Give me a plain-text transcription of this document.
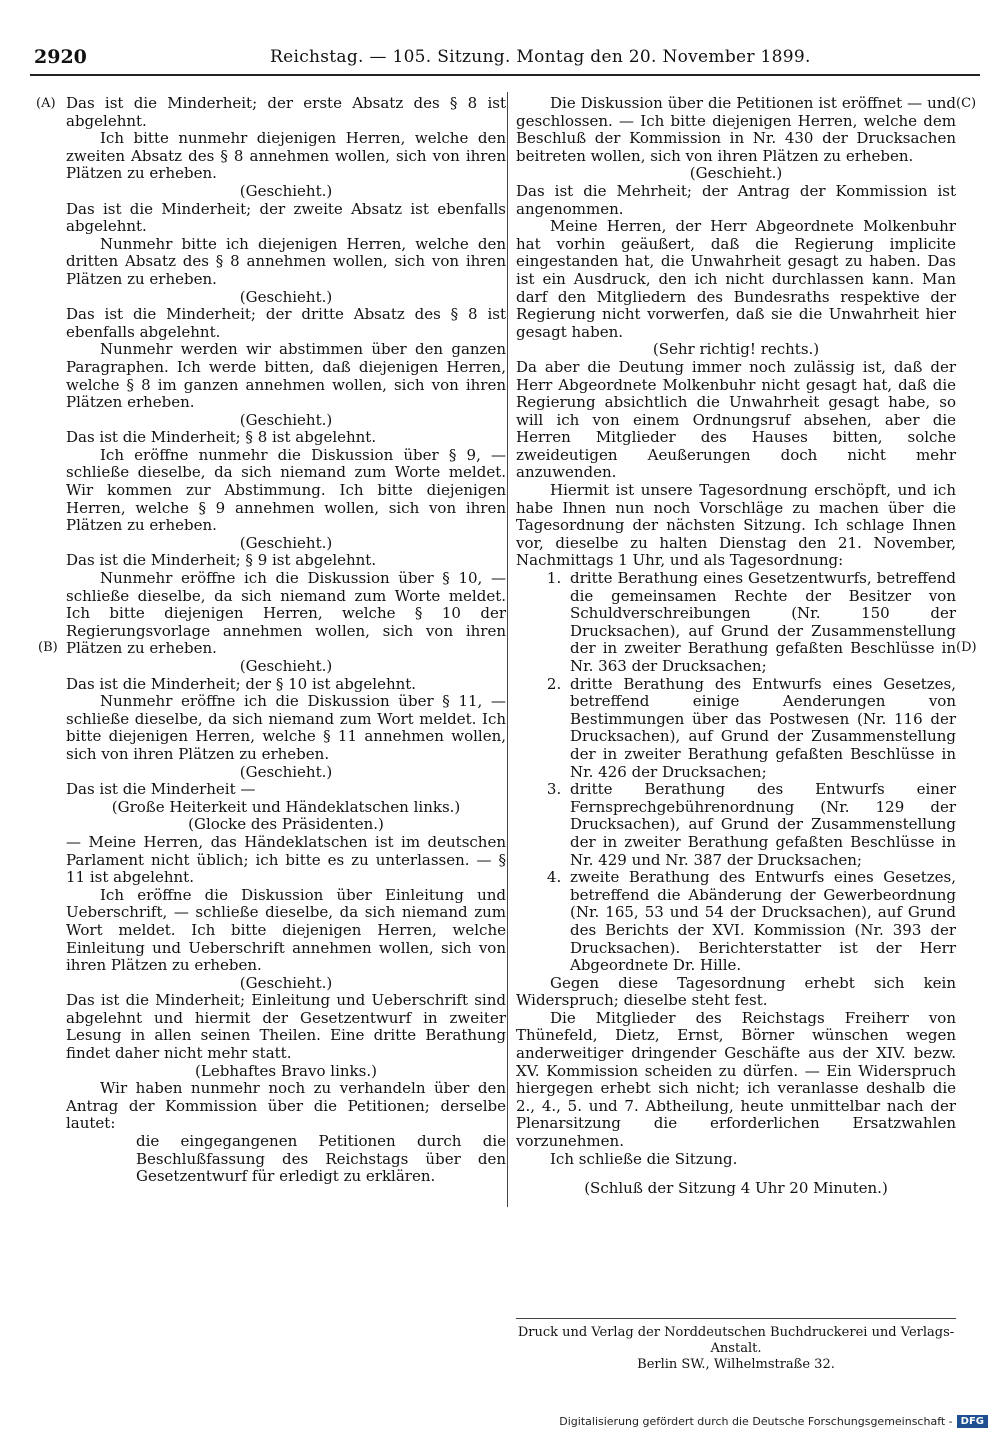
2920	Reichstag. — 105. Sitzung. Montag den 20. November 1899.
(A)
(B)
(C)
(D)

Das ist die Minderheit; der erste Absatz des § 8 ist abgelehnt.

Ich bitte nunmehr diejenigen Herren, welche den zweiten Absatz des § 8 annehmen wollen, sich von ihren Plätzen zu erheben.

(Geschieht.)

Das ist die Minderheit; der zweite Absatz ist ebenfalls abgelehnt.

Nunmehr bitte ich diejenigen Herren, welche den dritten Absatz des § 8 annehmen wollen, sich von ihren Plätzen zu erheben.

(Geschieht.)

Das ist die Minderheit; der dritte Absatz des § 8 ist ebenfalls abgelehnt.

Nunmehr werden wir abstimmen über den ganzen Paragraphen. Ich werde bitten, daß diejenigen Herren, welche § 8 im ganzen annehmen wollen, sich von ihren Plätzen erheben.

(Geschieht.)

Das ist die Minderheit; § 8 ist abgelehnt.

Ich eröffne nunmehr die Diskussion über § 9, — schließe dieselbe, da sich niemand zum Worte meldet. Wir kommen zur Abstimmung. Ich bitte diejenigen Herren, welche § 9 annehmen wollen, sich von ihren Plätzen zu erheben.

(Geschieht.)

Das ist die Minderheit; § 9 ist abgelehnt.

Nunmehr eröffne ich die Diskussion über § 10, — schließe dieselbe, da sich niemand zum Worte meldet. Ich bitte diejenigen Herren, welche § 10 der Regierungsvorlage annehmen wollen, sich von ihren Plätzen zu erheben.

(Geschieht.)

Das ist die Minderheit; der § 10 ist abgelehnt.

Nunmehr eröffne ich die Diskussion über § 11, — schließe dieselbe, da sich niemand zum Wort meldet. Ich bitte diejenigen Herren, welche § 11 annehmen wollen, sich von ihren Plätzen zu erheben.

(Geschieht.)

Das ist die Minderheit —

(Große Heiterkeit und Händeklatschen links.)

(Glocke des Präsidenten.)

— Meine Herren, das Händeklatschen ist im deutschen Parlament nicht üblich; ich bitte es zu unterlassen. — § 11 ist abgelehnt.

Ich eröffne die Diskussion über Einleitung und Ueberschrift, — schließe dieselbe, da sich niemand zum Wort meldet. Ich bitte diejenigen Herren, welche Einleitung und Ueberschrift annehmen wollen, sich von ihren Plätzen zu erheben.

(Geschieht.)

Das ist die Minderheit; Einleitung und Ueberschrift sind abgelehnt und hiermit der Gesetzentwurf in zweiter Lesung in allen seinen Theilen. Eine dritte Berathung findet daher nicht mehr statt.

(Lebhaftes Bravo links.)

Wir haben nunmehr noch zu verhandeln über den Antrag der Kommission über die Petitionen; derselbe lautet:

die eingegangenen Petitionen durch die Beschlußfassung des Reichstags über den Gesetzentwurf für erledigt zu erklären.

Die Diskussion über die Petitionen ist eröffnet — und geschlossen. — Ich bitte diejenigen Herren, welche dem Beschluß der Kommission in Nr. 430 der Drucksachen beitreten wollen, sich von ihren Plätzen zu erheben.

(Geschieht.)

Das ist die Mehrheit; der Antrag der Kommission ist angenommen.

Meine Herren, der Herr Abgeordnete Molkenbuhr hat vorhin geäußert, daß die Regierung implicite eingestanden hat, die Unwahrheit gesagt zu haben. Das ist ein Ausdruck, den ich nicht durchlassen kann. Man darf den Mitgliedern des Bundesraths respektive der Regierung nicht vorwerfen, daß sie die Unwahrheit hier gesagt haben.

(Sehr richtig! rechts.)

Da aber die Deutung immer noch zulässig ist, daß der Herr Abgeordnete Molkenbuhr nicht gesagt hat, daß die Regierung absichtlich die Unwahrheit gesagt habe, so will ich von einem Ordnungsruf absehen, aber die Herren Mitglieder des Hauses bitten, solche zweideutigen Aeußerungen doch nicht mehr anzuwenden.

Hiermit ist unsere Tagesordnung erschöpft, und ich habe Ihnen nun noch Vorschläge zu machen über die Tagesordnung der nächsten Sitzung. Ich schlage Ihnen vor, dieselbe zu halten Dienstag den 21. November, Nachmittags 1 Uhr, und als Tagesordnung:

1. dritte Berathung eines Gesetzentwurfs, betreffend die gemeinsamen Rechte der Besitzer von Schuldverschreibungen (Nr. 150 der Drucksachen), auf Grund der Zusammenstellung der in zweiter Berathung gefaßten Beschlüsse in Nr. 363 der Drucksachen;
2. dritte Berathung des Entwurfs eines Gesetzes, betreffend einige Aenderungen von Bestimmungen über das Postwesen (Nr. 116 der Drucksachen), auf Grund der Zusammenstellung der in zweiter Berathung gefaßten Beschlüsse in Nr. 426 der Drucksachen;
3. dritte Berathung des Entwurfs einer Fernsprechgebührenordnung (Nr. 129 der Drucksachen), auf Grund der Zusammenstellung der in zweiter Berathung gefaßten Beschlüsse in Nr. 429 und Nr. 387 der Drucksachen;
4. zweite Berathung des Entwurfs eines Gesetzes, betreffend die Abänderung der Gewerbeordnung (Nr. 165, 53 und 54 der Drucksachen), auf Grund des Berichts der XVI. Kommission (Nr. 393 der Drucksachen). Berichterstatter ist der Herr Abgeordnete Dr. Hille.

Gegen diese Tagesordnung erhebt sich kein Widerspruch; dieselbe steht fest.

Die Mitglieder des Reichstags Freiherr von Thünefeld, Dietz, Ernst, Börner wünschen wegen anderweitiger dringender Geschäfte aus der XIV. bezw. XV. Kommission scheiden zu dürfen. — Ein Widerspruch hiergegen erhebt sich nicht; ich veranlasse deshalb die 2., 4., 5. und 7. Abtheilung, heute unmittelbar nach der Plenarsitzung die erforderlichen Ersatzwahlen vorzunehmen.

Ich schließe die Sitzung.

(Schluß der Sitzung 4 Uhr 20 Minuten.)

Druck und Verlag der Norddeutschen Buchdruckerei und Verlags-Anstalt.
Berlin SW., Wilhelmstraße 32.
Digitalisierung gefördert durch die Deutsche Forschungsgemeinschaft - DFG
